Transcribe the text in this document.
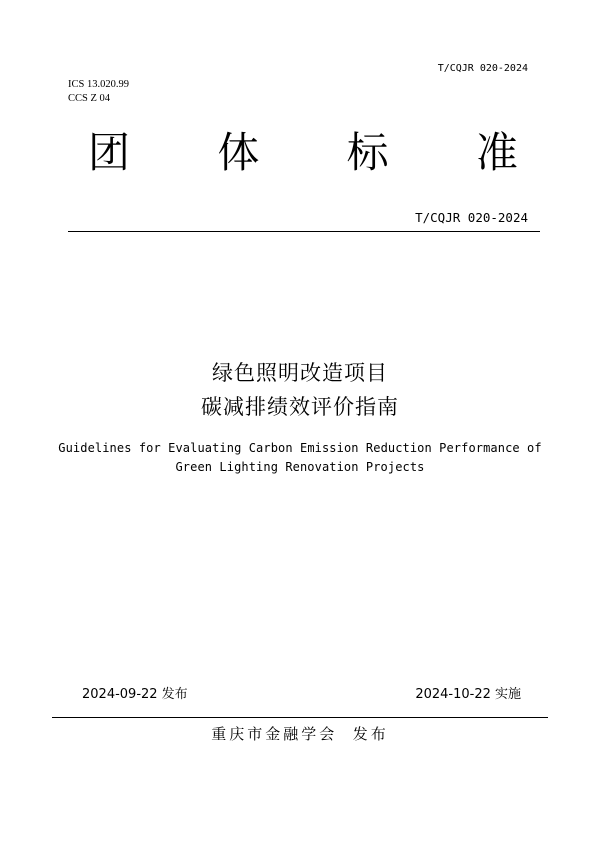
T/CQJR 020-2024
ICS 13.020.99
CCS Z 04
团 体 标 准
T/CQJR 020-2024
绿色照明改造项目
碳减排绩效评价指南
Guidelines for Evaluating Carbon Emission Reduction Performance of
Green Lighting Renovation Projects
2024-09-22 发布	2024-10-22 实施
重庆市金融学会  发布
